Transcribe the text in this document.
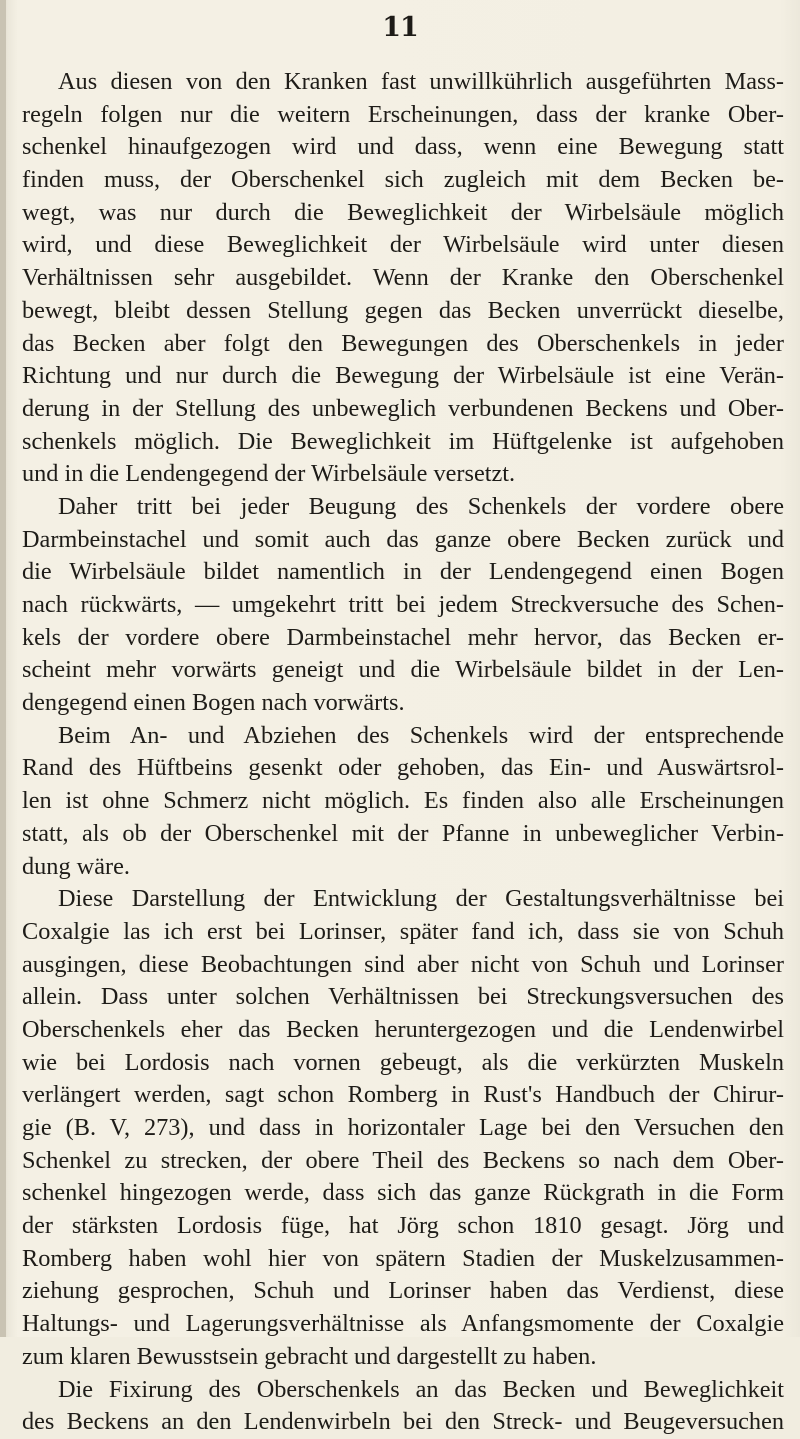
11
Aus diesen von den Kranken fast unwillkührlich ausgeführten Mass-
regeln folgen nur die weitern Erscheinungen, dass der kranke Ober-
schenkel hinaufgezogen wird und dass, wenn eine Bewegung statt
finden muss, der Oberschenkel sich zugleich mit dem Becken be-
wegt, was nur durch die Beweglichkeit der Wirbelsäule möglich
wird, und diese Beweglichkeit der Wirbelsäule wird unter diesen
Verhältnissen sehr ausgebildet. Wenn der Kranke den Oberschenkel
bewegt, bleibt dessen Stellung gegen das Becken unverrückt dieselbe,
das Becken aber folgt den Bewegungen des Oberschenkels in jeder
Richtung und nur durch die Bewegung der Wirbelsäule ist eine Verän-
derung in der Stellung des unbeweglich verbundenen Beckens und Ober-
schenkels möglich. Die Beweglichkeit im Hüftgelenke ist aufgehoben
und in die Lendengegend der Wirbelsäule versetzt.
Daher tritt bei jeder Beugung des Schenkels der vordere obere
Darmbeinstachel und somit auch das ganze obere Becken zurück und
die Wirbelsäule bildet namentlich in der Lendengegend einen Bogen
nach rückwärts, — umgekehrt tritt bei jedem Streckversuche des Schen-
kels der vordere obere Darmbeinstachel mehr hervor, das Becken er-
scheint mehr vorwärts geneigt und die Wirbelsäule bildet in der Len-
dengegend einen Bogen nach vorwärts.
Beim An- und Abziehen des Schenkels wird der entsprechende
Rand des Hüftbeins gesenkt oder gehoben, das Ein- und Auswärtsrol-
len ist ohne Schmerz nicht möglich. Es finden also alle Erscheinungen
statt, als ob der Oberschenkel mit der Pfanne in unbeweglicher Verbin-
dung wäre.
Diese Darstellung der Entwicklung der Gestaltungsverhältnisse bei
Coxalgie las ich erst bei Lorinser, später fand ich, dass sie von Schuh
ausgingen, diese Beobachtungen sind aber nicht von Schuh und Lorinser
allein. Dass unter solchen Verhältnissen bei Streckungsversuchen des
Oberschenkels eher das Becken heruntergezogen und die Lendenwirbel
wie bei Lordosis nach vornen gebeugt, als die verkürzten Muskeln
verlängert werden, sagt schon Romberg in Rust's Handbuch der Chirur-
gie (B. V, 273), und dass in horizontaler Lage bei den Versuchen den
Schenkel zu strecken, der obere Theil des Beckens so nach dem Ober-
schenkel hingezogen werde, dass sich das ganze Rückgrath in die Form
der stärksten Lordosis füge, hat Jörg schon 1810 gesagt. Jörg und
Romberg haben wohl hier von spätern Stadien der Muskelzusammen-
ziehung gesprochen, Schuh und Lorinser haben das Verdienst, diese
Haltungs- und Lagerungsverhältnisse als Anfangsmomente der Coxalgie
zum klaren Bewusstsein gebracht und dargestellt zu haben.
Die Fixirung des Oberschenkels an das Becken und Beweglichkeit
des Beckens an den Lendenwirbeln bei den Streck- und Beugeversuchen
